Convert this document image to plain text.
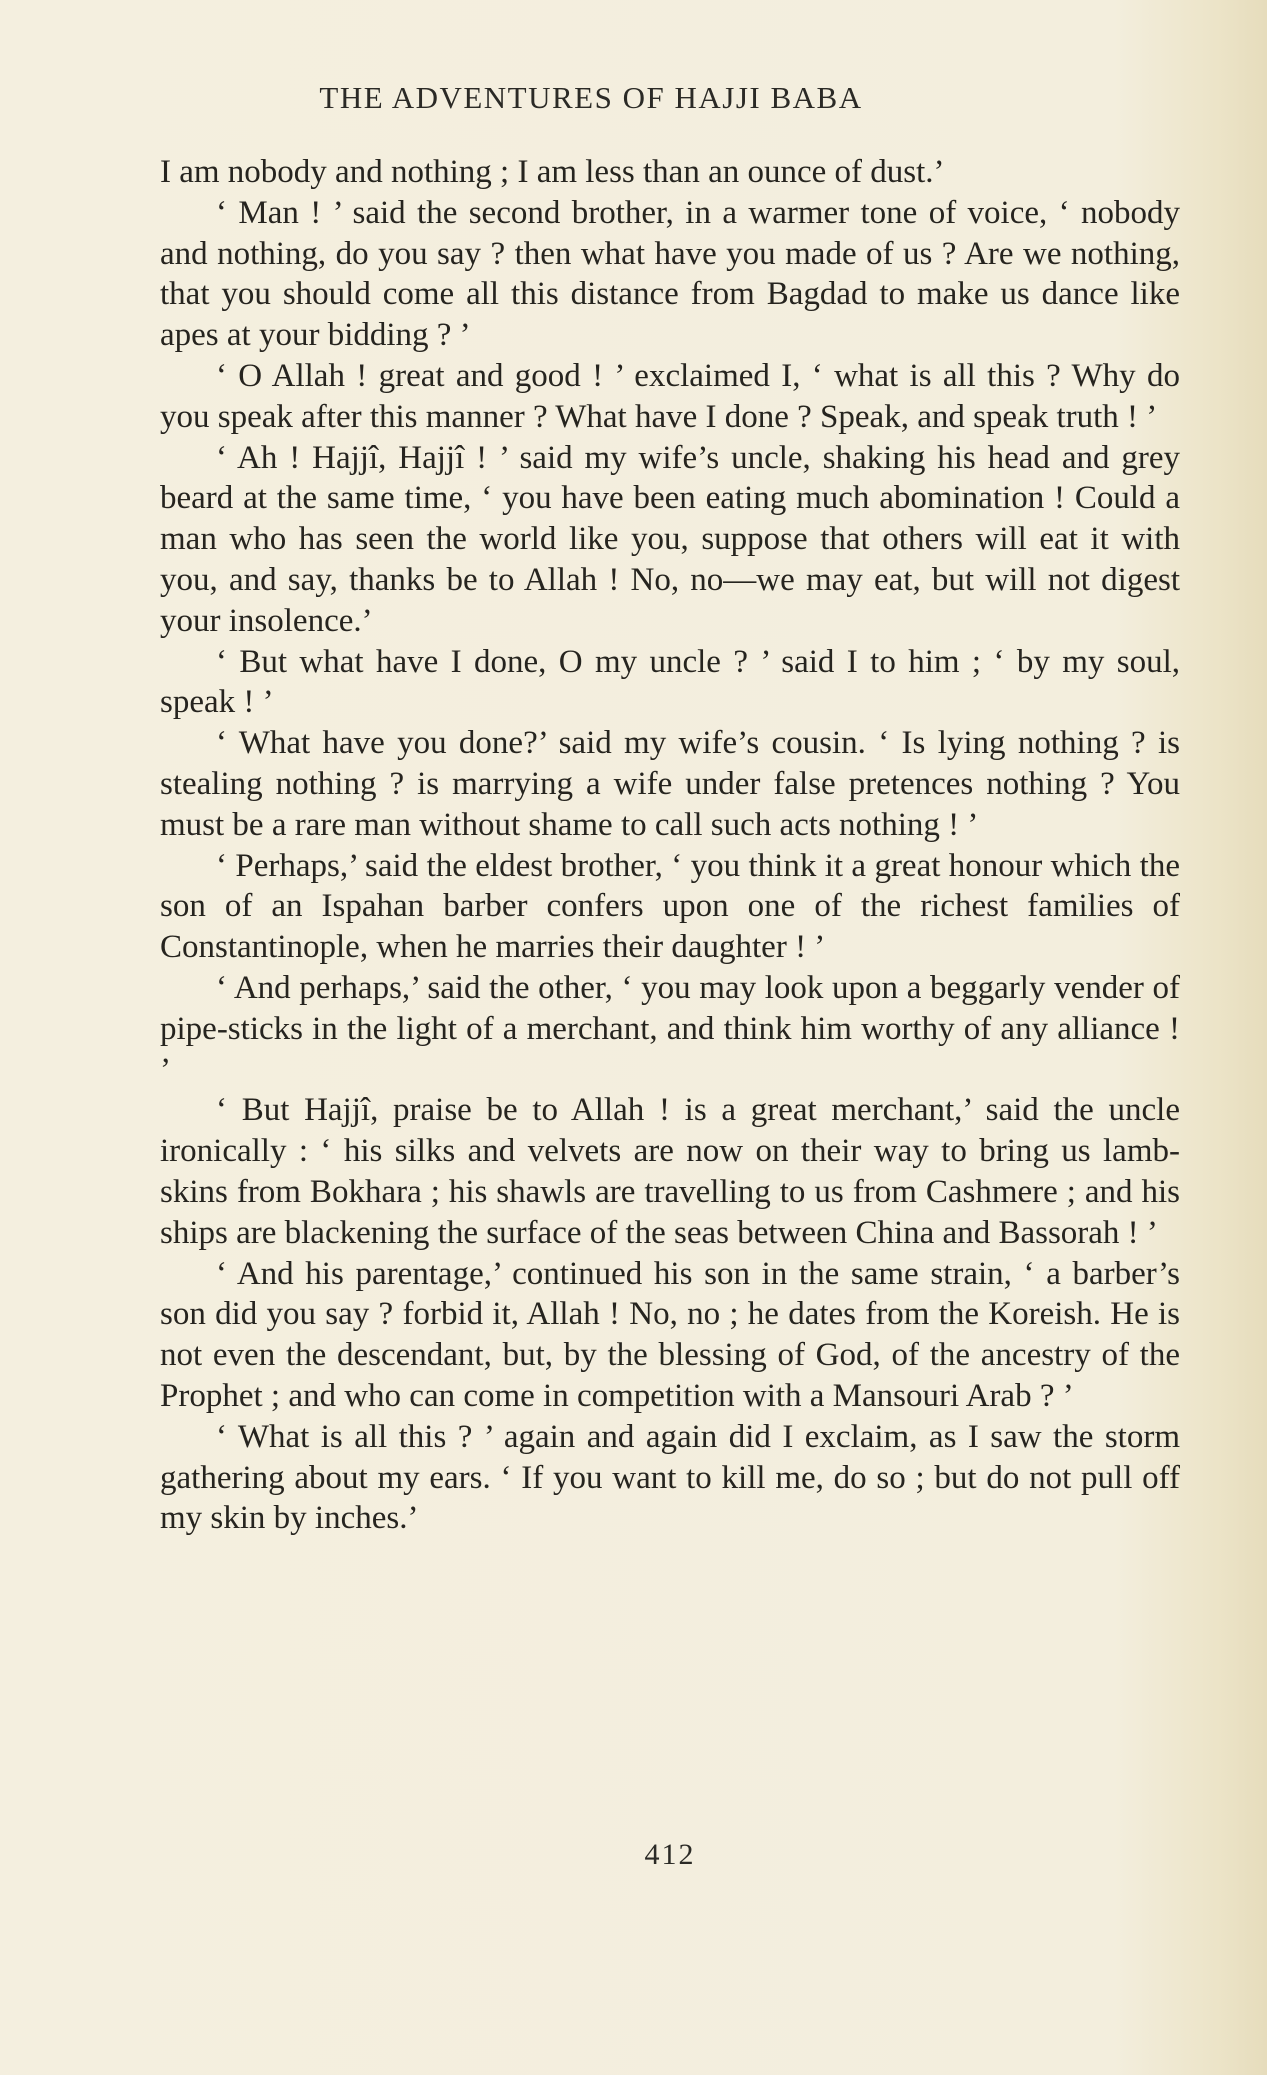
THE ADVENTURES OF HAJJI BABA

I am nobody and nothing ; I am less than an ounce of dust.’

‘ Man ! ’ said the second brother, in a warmer tone of voice, ‘ nobody and nothing, do you say ? then what have you made of us ? Are we nothing, that you should come all this distance from Bagdad to make us dance like apes at your bidding ? ’

‘ O Allah ! great and good ! ’ exclaimed I, ‘ what is all this ? Why do you speak after this manner ? What have I done ? Speak, and speak truth ! ’

‘ Ah ! Hajjî, Hajjî ! ’ said my wife’s uncle, shaking his head and grey beard at the same time, ‘ you have been eating much abomination ! Could a man who has seen the world like you, suppose that others will eat it with you, and say, thanks be to Allah ! No, no—we may eat, but will not digest your insolence.’

‘ But what have I done, O my uncle ? ’ said I to him ; ‘ by my soul, speak ! ’

‘ What have you done?’ said my wife’s cousin. ‘ Is lying nothing ? is stealing nothing ? is marrying a wife under false pretences nothing ? You must be a rare man without shame to call such acts nothing ! ’

‘ Perhaps,’ said the eldest brother, ‘ you think it a great honour which the son of an Ispahan barber confers upon one of the richest families of Constantinople, when he marries their daughter ! ’

‘ And perhaps,’ said the other, ‘ you may look upon a beggarly vender of pipe-sticks in the light of a merchant, and think him worthy of any alliance ! ’

‘ But Hajjî, praise be to Allah ! is a great merchant,’ said the uncle ironically : ‘ his silks and velvets are now on their way to bring us lamb-skins from Bokhara ; his shawls are travelling to us from Cashmere ; and his ships are blackening the surface of the seas between China and Bassorah ! ’

‘ And his parentage,’ continued his son in the same strain, ‘ a barber’s son did you say ? forbid it, Allah ! No, no ; he dates from the Koreish. He is not even the descendant, but, by the blessing of God, of the ancestry of the Prophet ; and who can come in competition with a Mansouri Arab ? ’

‘ What is all this ? ’ again and again did I exclaim, as I saw the storm gathering about my ears. ‘ If you want to kill me, do so ; but do not pull off my skin by inches.’

412
